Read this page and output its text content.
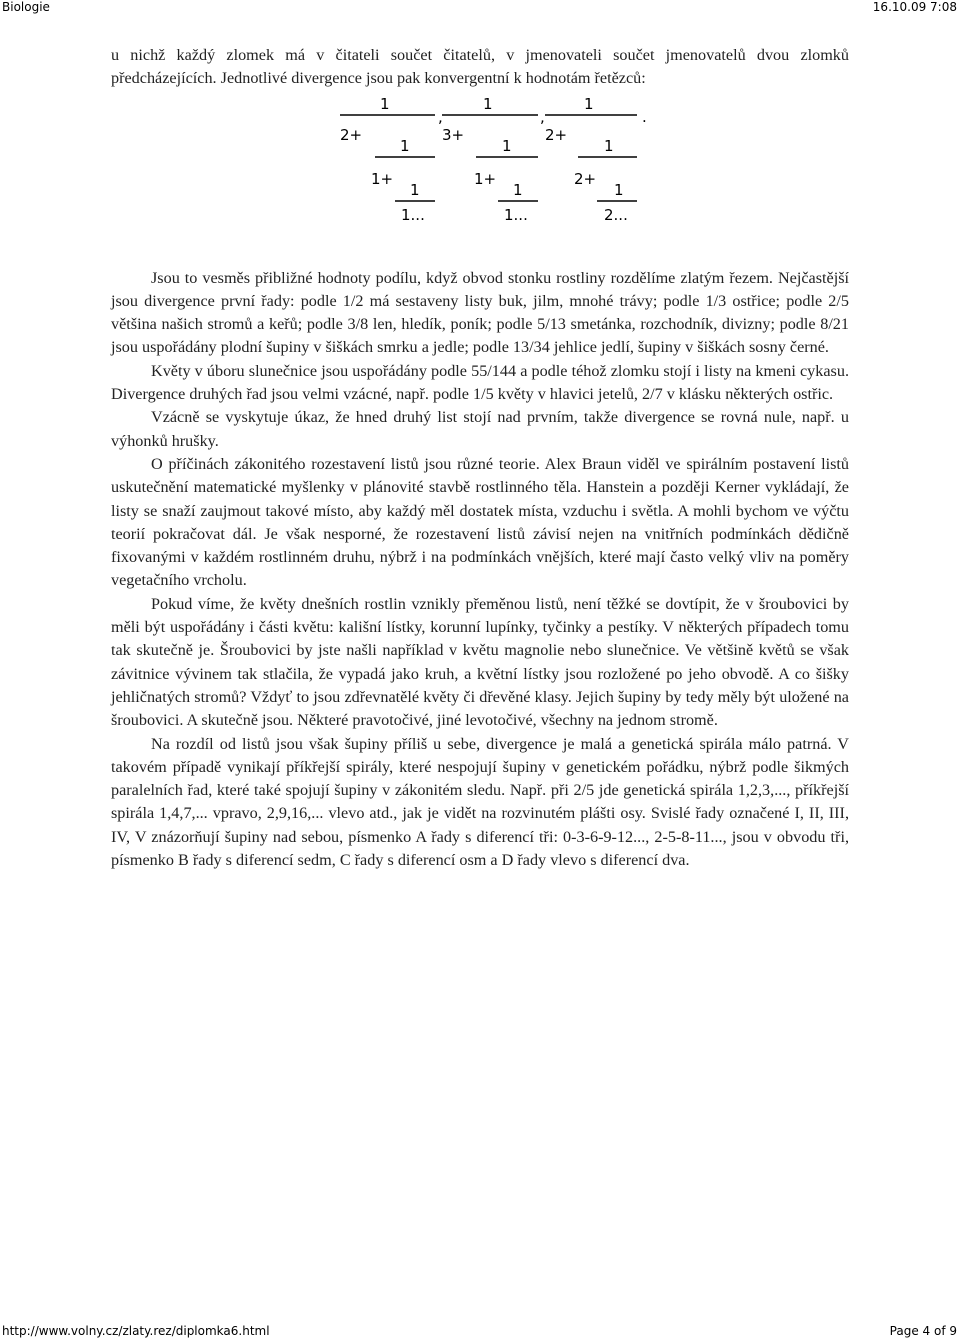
Biologie	16.10.09 7:08

u nichž každý zlomek má v čitateli součet čitatelů, v jmenovateli součet jmenovatelů dvou zlomků předcházejících. Jednotlivé divergence jsou pak konvergentní k hodnotám řetězců:

1
2+
1
1+
1
1...
,
1
3+
1
1+
1
1...
,
1
2+
1
2+
1
2...
.

Jsou to vesměs přibližné hodnoty podílu, když obvod stonku rostliny rozdělíme zlatým řezem. Nejčastější jsou divergence první řady: podle 1/2 má sestaveny listy buk, jilm, mnohé trávy; podle 1/3 ostřice; podle 2/5 většina našich stromů a keřů; podle 3/8 len, hledík, poník; podle 5/13 smetánka, rozchodník, divizny; podle 8/21 jsou uspořádány plodní šupiny v šiškách smrku a jedle; podle 13/34 jehlice jedlí, šupiny v šiškách sosny černé.

Květy v úboru slunečnice jsou uspořádány podle 55/144 a podle téhož zlomku stojí i listy na kmeni cykasu. Divergence druhých řad jsou velmi vzácné, např. podle 1/5 květy v hlavici jetelů, 2/7 v klásku některých ostřic.

Vzácně se vyskytuje úkaz, že hned druhý list stojí nad prvním, takže divergence se rovná nule, např. u výhonků hrušky.

O příčinách zákonitého rozestavení listů jsou různé teorie. Alex Braun viděl ve spirálním postavení listů uskutečnění matematické myšlenky v plánovité stavbě rostlinného těla. Hanstein a později Kerner vykládají, že listy se snaží zaujmout takové místo, aby každý měl dostatek místa, vzduchu i světla. A mohli bychom ve výčtu teorií pokračovat dál. Je však nesporné, že rozestavení listů závisí nejen na vnitřních podmínkách dědičně fixovanými v každém rostlinném druhu, nýbrž i na podmínkách vnějších, které mají často velký vliv na poměry vegetačního vrcholu.

Pokud víme, že květy dnešních rostlin vznikly přeměnou listů, není těžké se dovtípit, že v šroubovici by měli být uspořádány i části květu: kališní lístky, korunní lupínky, tyčinky a pestíky. V některých případech tomu tak skutečně je. Šroubovici by jste našli například v květu magnolie nebo slunečnice. Ve většině květů se však závitnice vývinem tak stlačila, že vypadá jako kruh, a květní lístky jsou rozložené po jeho obvodě. A co šišky jehličnatých stromů? Vždyť to jsou zdřevnatělé květy či dřevěné klasy. Jejich šupiny by tedy měly být uložené na šroubovici. A skutečně jsou. Některé pravotočivé, jiné levotočivé, všechny na jednom stromě.

Na rozdíl od listů jsou však šupiny příliš u sebe, divergence je malá a genetická spirála málo patrná. V takovém případě vynikají příkřejší spirály, které nespojují šupiny v genetickém pořádku, nýbrž podle šikmých paralelních řad, které také spojují šupiny v zákonitém sledu. Např. při 2/5 jde genetická spirála 1,2,3,..., příkřejší spirála 1,4,7,... vpravo, 2,9,16,... vlevo atd., jak je vidět na rozvinutém plášti osy. Svislé řady označené I, II, III, IV, V znázorňují šupiny nad sebou, písmenko A řady s diferencí tři: 0-3-6-9-12..., 2-5-8-11..., jsou v obvodu tři, písmenko B řady s diferencí sedm, C řady s diferencí osm a D řady vlevo s diferencí dva.

http://www.volny.cz/zlaty.rez/diplomka6.html	Page 4 of 9
